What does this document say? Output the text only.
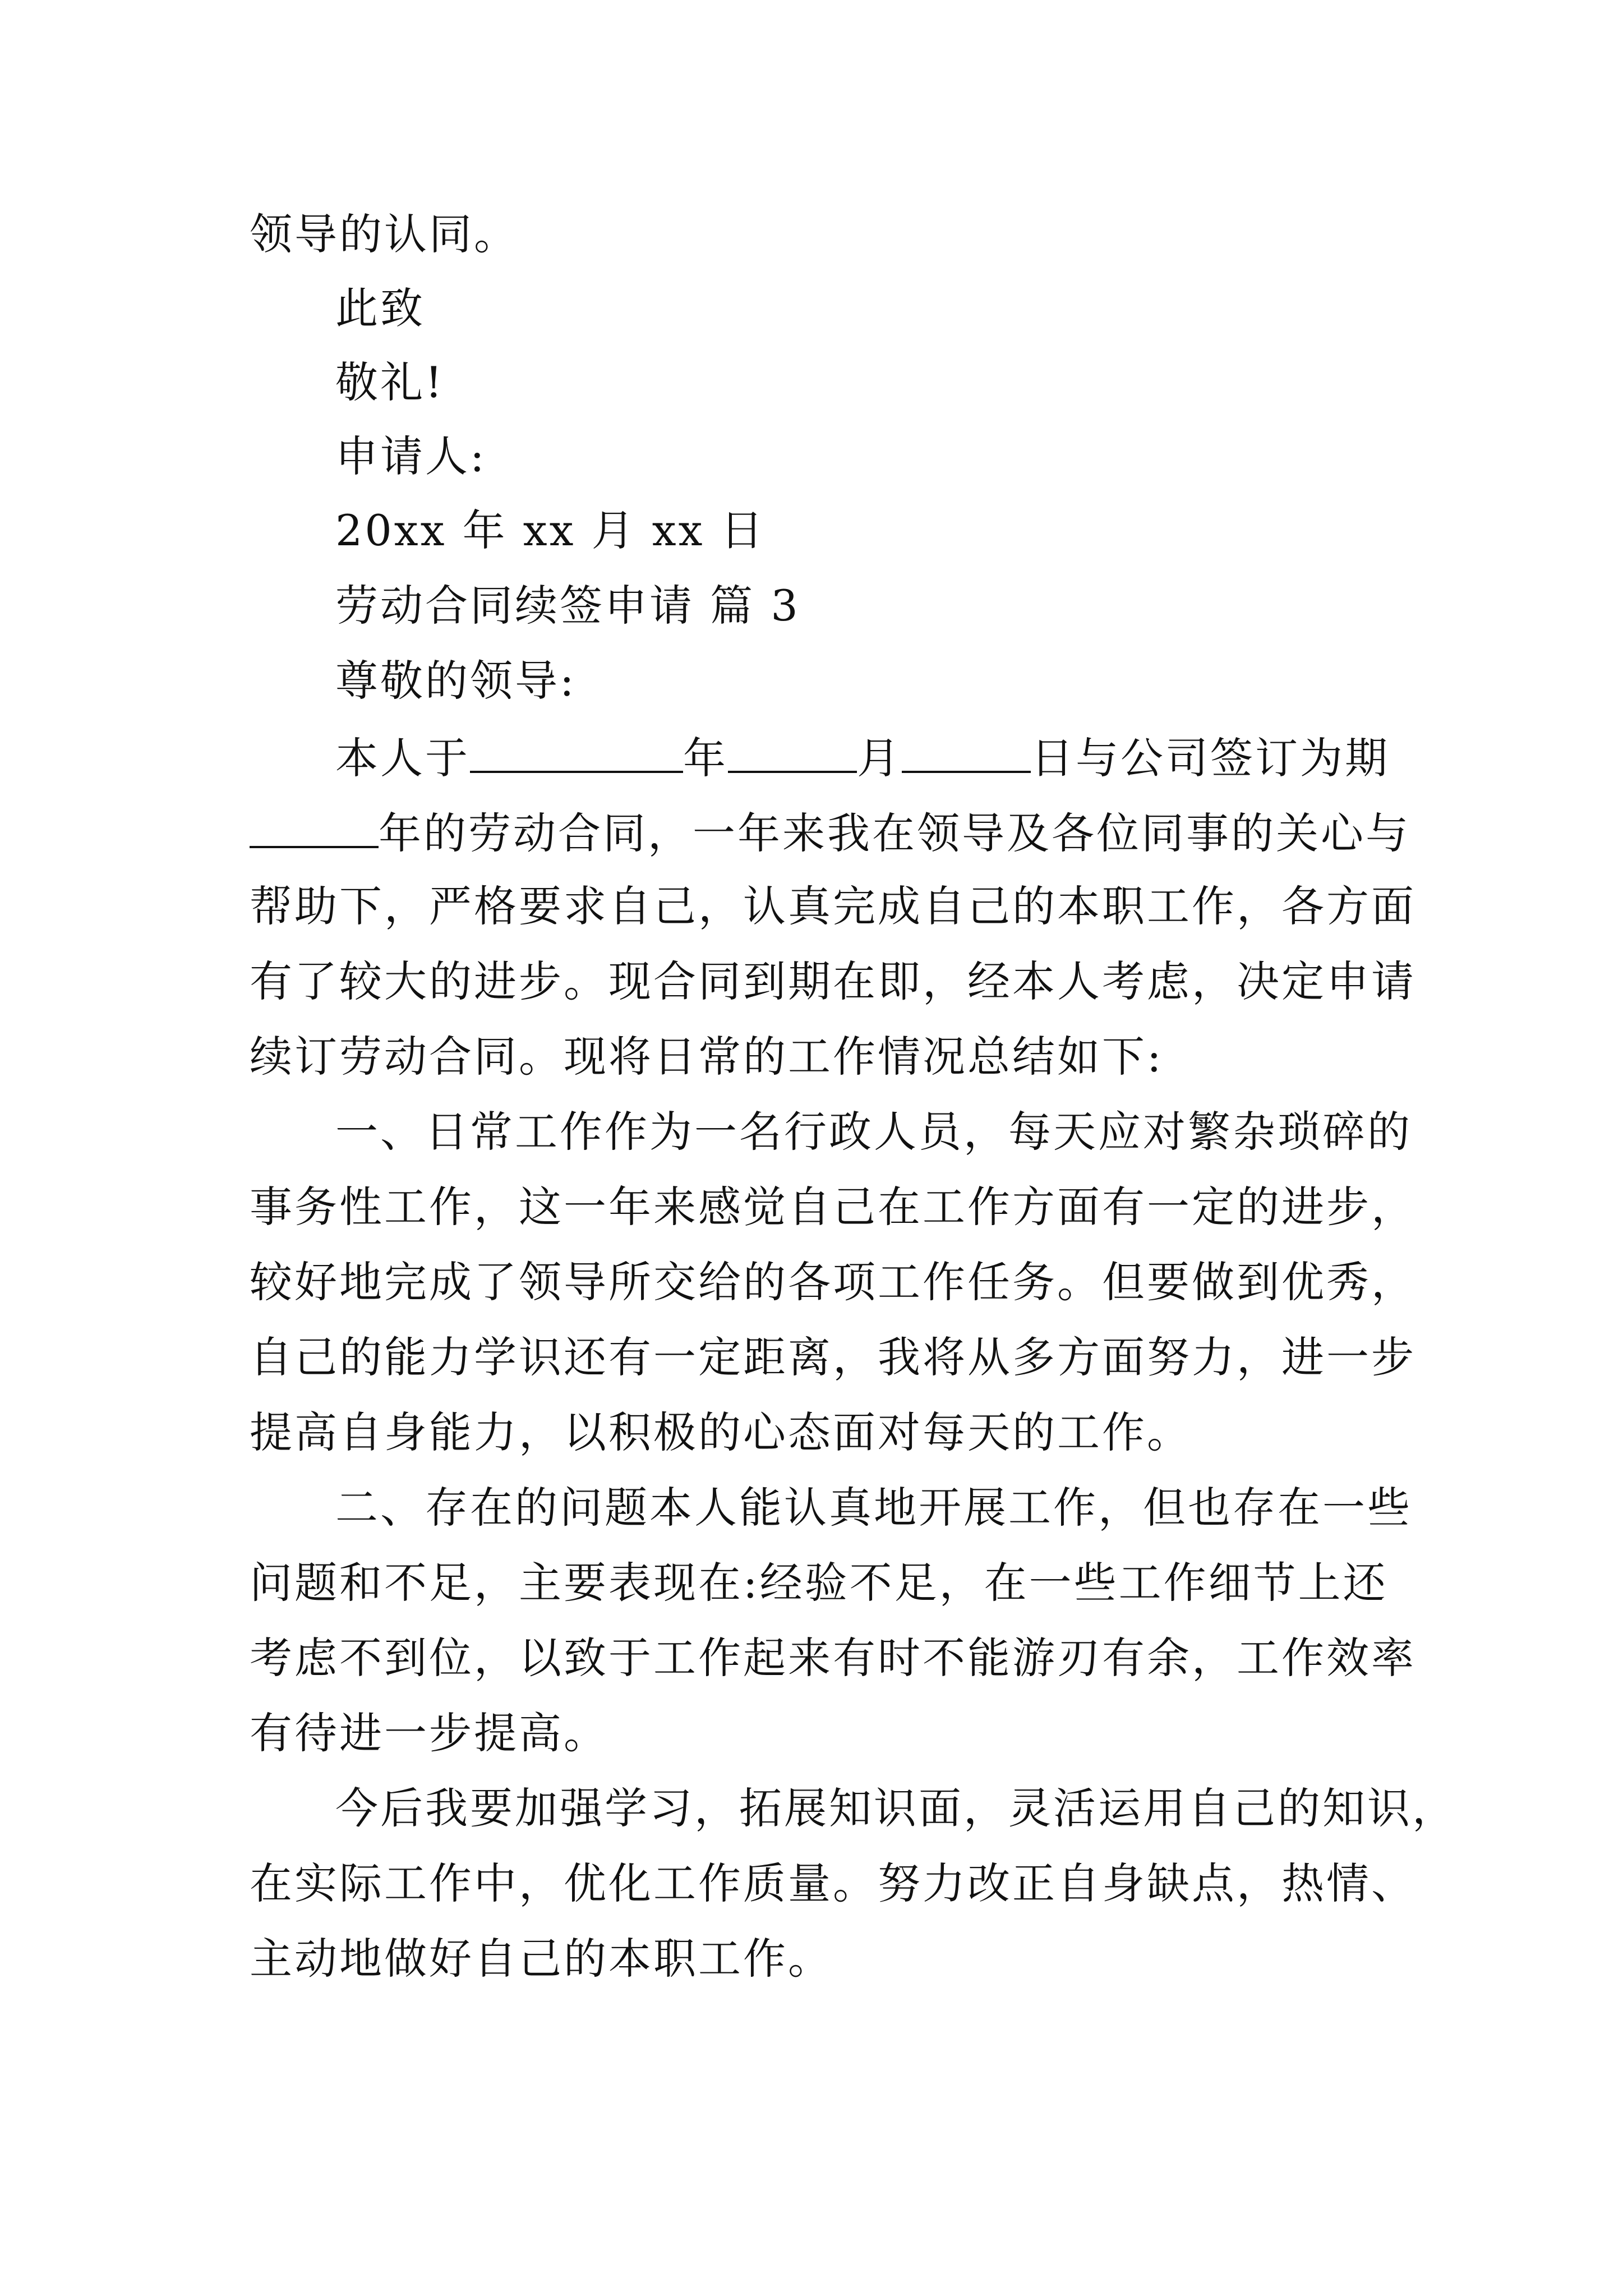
领导的认同。

此致

敬礼!

申请人:

20xx 年 xx 月 xx 日

劳动合同续签申请 篇 3

尊敬的领导:

本人于	年	月	日与公司签订为期

年的劳动合同，一年来我在领导及各位同事的关心与

帮助下，严格要求自己，认真完成自己的本职工作，各方面

有了较大的进步。现合同到期在即，经本人考虑，决定申请

续订劳动合同。现将日常的工作情况总结如下:

一、日常工作作为一名行政人员，每天应对繁杂琐碎的

事务性工作，这一年来感觉自己在工作方面有一定的进步，

较好地完成了领导所交给的各项工作任务。但要做到优秀，

自己的能力学识还有一定距离，我将从多方面努力，进一步

提高自身能力，以积极的心态面对每天的工作。

二、存在的问题本人能认真地开展工作，但也存在一些

问题和不足，主要表现在:经验不足，在一些工作细节上还

考虑不到位，以致于工作起来有时不能游刃有余，工作效率

有待进一步提高。

今后我要加强学习，拓展知识面，灵活运用自己的知识，

在实际工作中，优化工作质量。努力改正自身缺点，热情、

主动地做好自己的本职工作。
